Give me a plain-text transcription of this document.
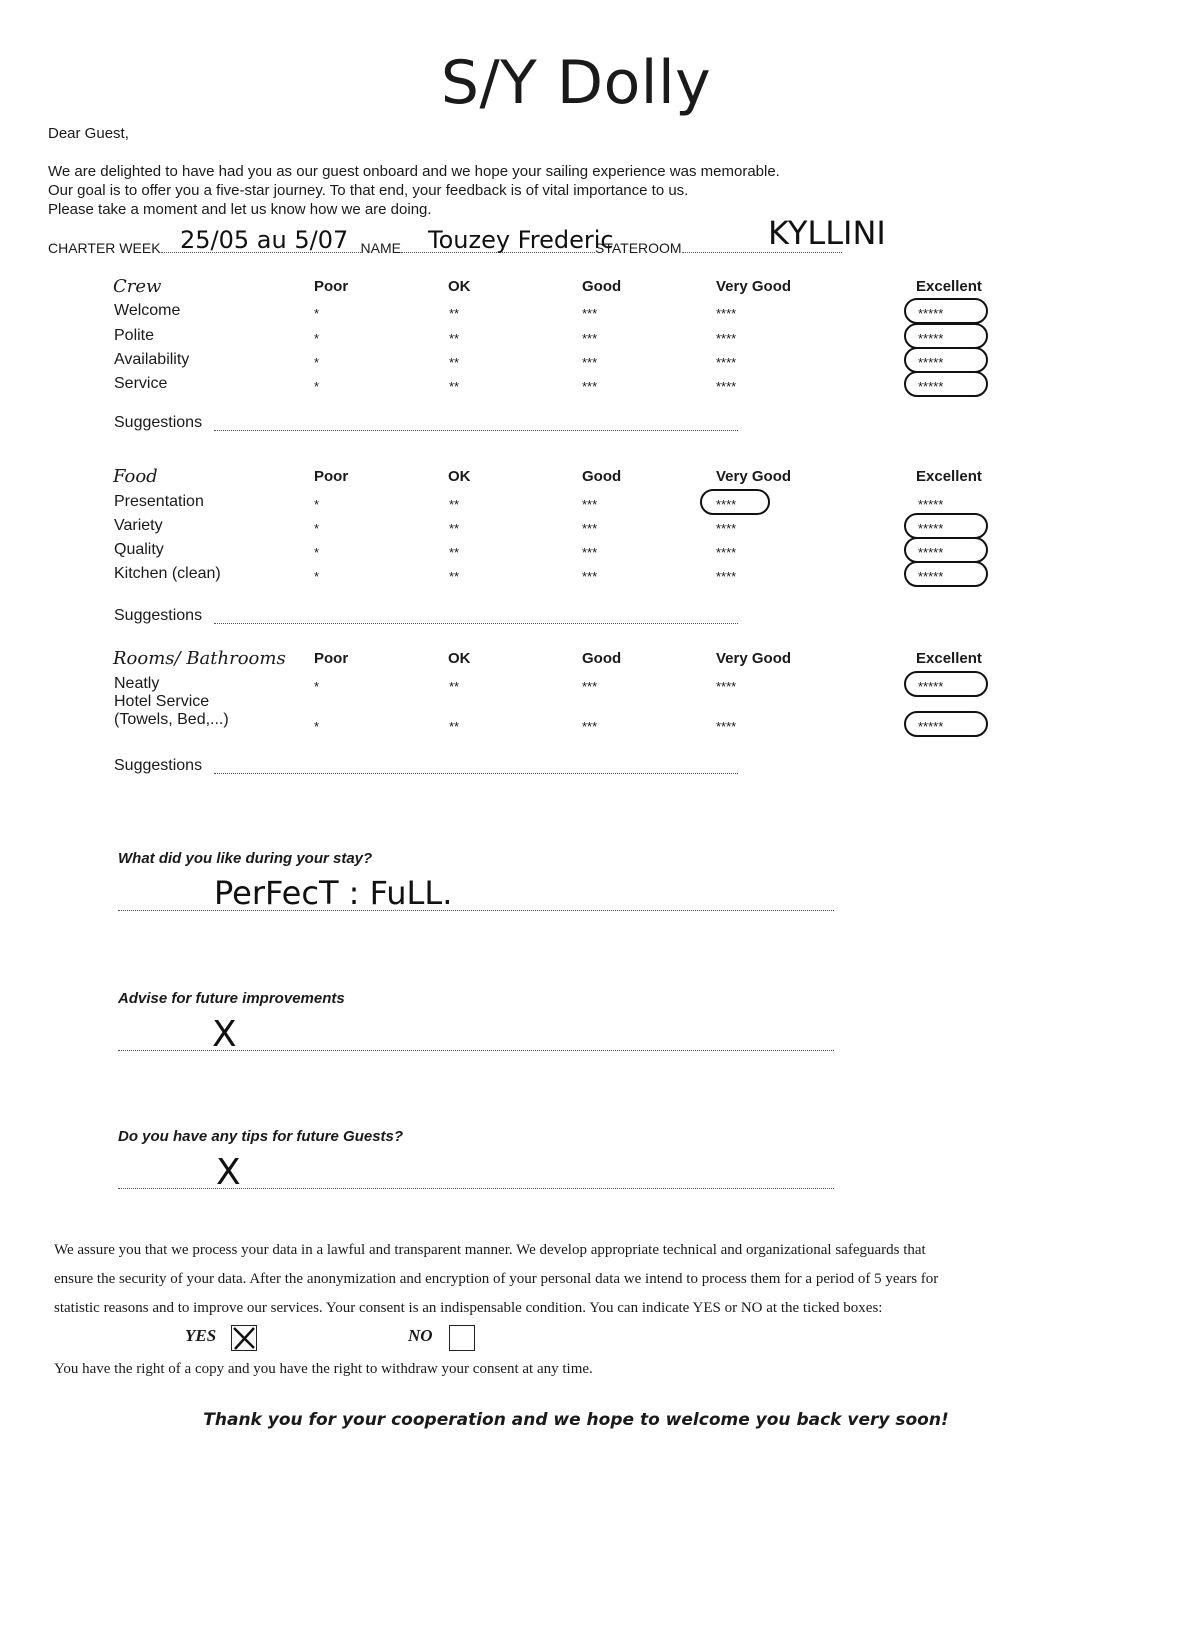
S/Y Dolly
Dear Guest,
We are delighted to have had you as our guest onboard and we hope your sailing experience was memorable.
Our goal is to offer you a five-star journey. To that end, your feedback is of vital importance to us.
Please take a moment and let us know how we are doing.
CHARTER WEEK	NAME	STATEROOM
25/05 au 5/07	Touzey Frederic	KYLLINI
Crew	Poor	OK	Good	Very Good	Excellent
Welcome	*	**	***	****	*****
Polite	*	**	***	****	*****
Availability	*	**	***	****	*****
Service	*	**	***	****	*****
Suggestions
Food	Poor	OK	Good	Very Good	Excellent
Presentation	*	**	***	****	*****
Variety	*	**	***	****	*****
Quality	*	**	***	****	*****
Kitchen (clean)	*	**	***	****	*****
Suggestions
Rooms/ Bathrooms Poor	OK	Good	Very Good	Excellent
Neatly	*	**	***	****	*****
Hotel Service
(Towels, Bed,...)	*	**	***	****	*****
Suggestions
What did you like during your stay?
PerFecT : FuLL.
Advise for future improvements
X
Do you have any tips for future Guests?
X
We assure you that we process your data in a lawful and transparent manner. We develop appropriate technical and organizational safeguards that
ensure the security of your data. After the anonymization and encryption of your personal data we intend to process them for a period of 5 years for
statistic reasons and to improve our services. Your consent is an indispensable condition. You can indicate YES or NO at the ticked boxes:
YES	NO
You have the right of a copy and you have the right to withdraw your consent at any time.
Thank you for your cooperation and we hope to welcome you back very soon!
